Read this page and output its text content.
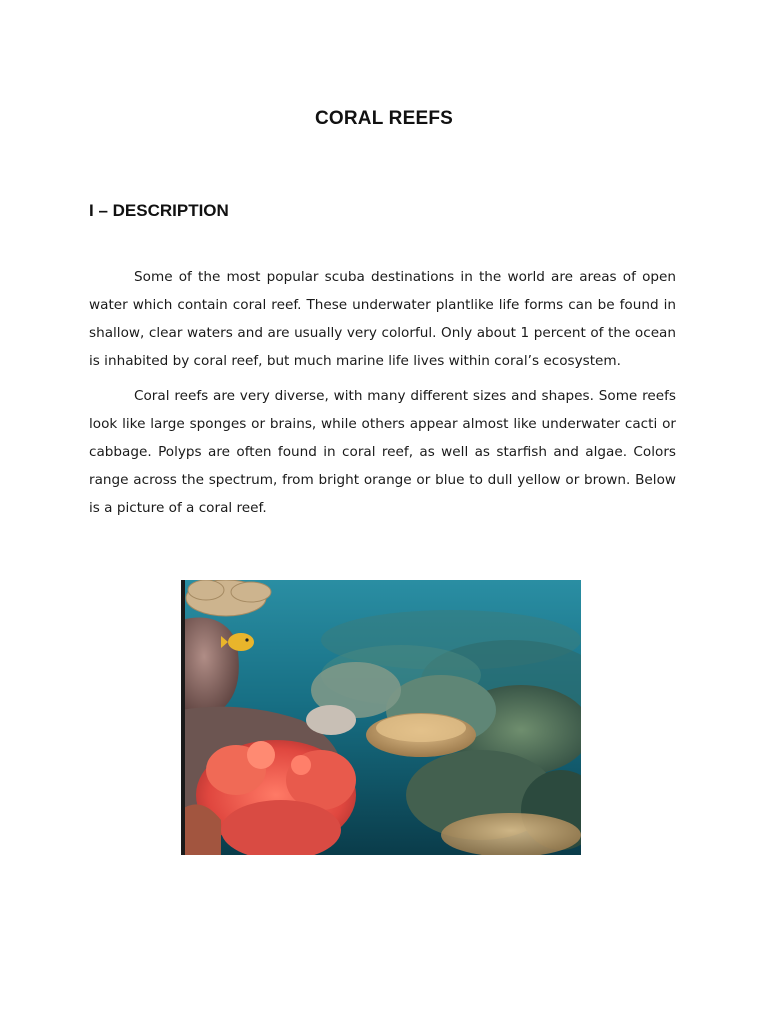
CORAL REEFS
I – DESCRIPTION

Some of the most popular scuba destinations in the world are areas of open water which contain coral reef. These underwater plantlike life forms can be found in shallow, clear waters and are usually very colorful. Only about 1 percent of the ocean is inhabited by coral reef, but much marine life lives within coral’s ecosystem.

Coral reefs are very diverse, with many different sizes and shapes. Some reefs look like large sponges or brains, while others appear almost like underwater cacti or cabbage. Polyps are often found in coral reef, as well as starfish and algae. Colors range across the spectrum, from bright orange or blue to dull yellow or brown. Below is a picture of a coral reef.
